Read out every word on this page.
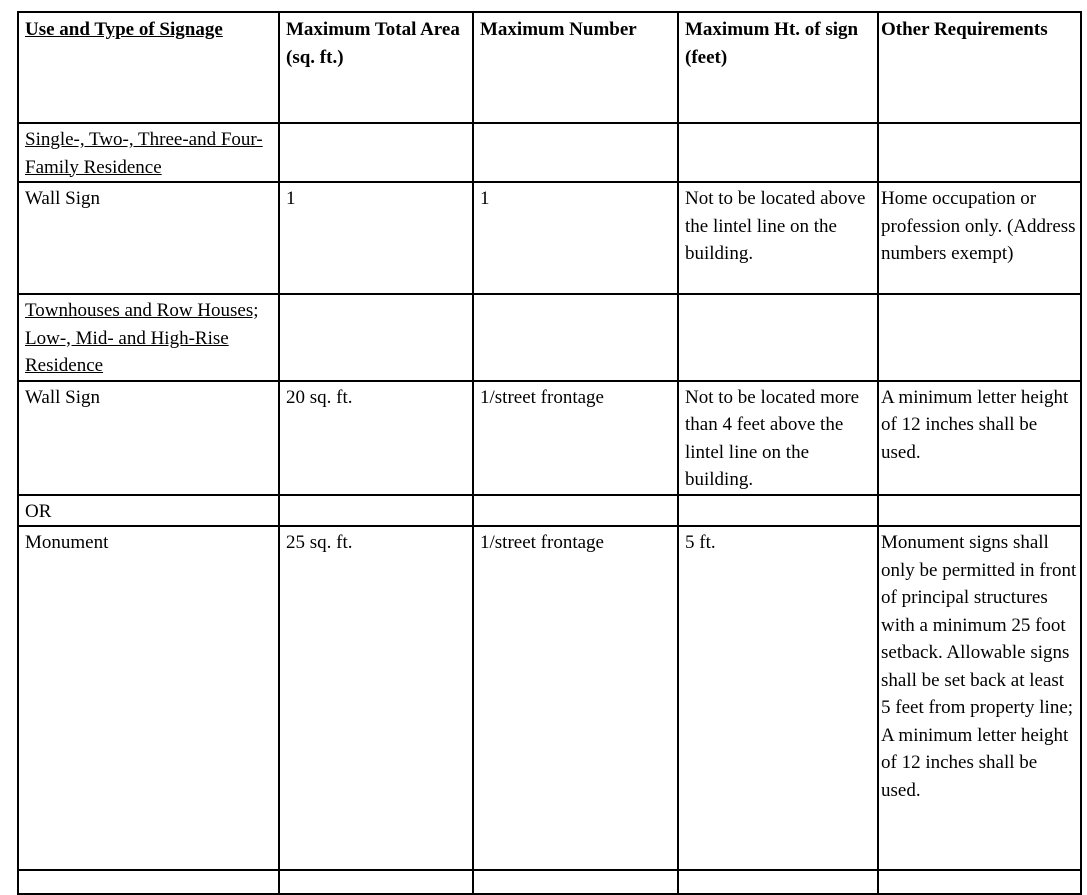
Use and Type of Signage	Maximum Total Area (sq. ft.)	Maximum Number	Maximum Ht. of sign (feet)	Other Requirements
Single-, Two-, Three-and Four-Family Residence				
Wall Sign	1	1	Not to be located above the lintel line on the building.	Home occupation or profession only. (Address numbers exempt)
Townhouses and Row Houses; Low-, Mid- and High-Rise Residence				
Wall Sign	20 sq. ft.	1/street frontage	Not to be located more than 4 feet above the lintel line on the building.	A minimum letter height of 12 inches shall be used.
OR				
Monument	25 sq. ft.	1/street frontage	5 ft.	Monument signs shall only be permitted in front of principal structures with a minimum 25 foot setback. Allowable signs shall be set back at least 5 feet from property line; A minimum letter height of 12 inches shall be used.
